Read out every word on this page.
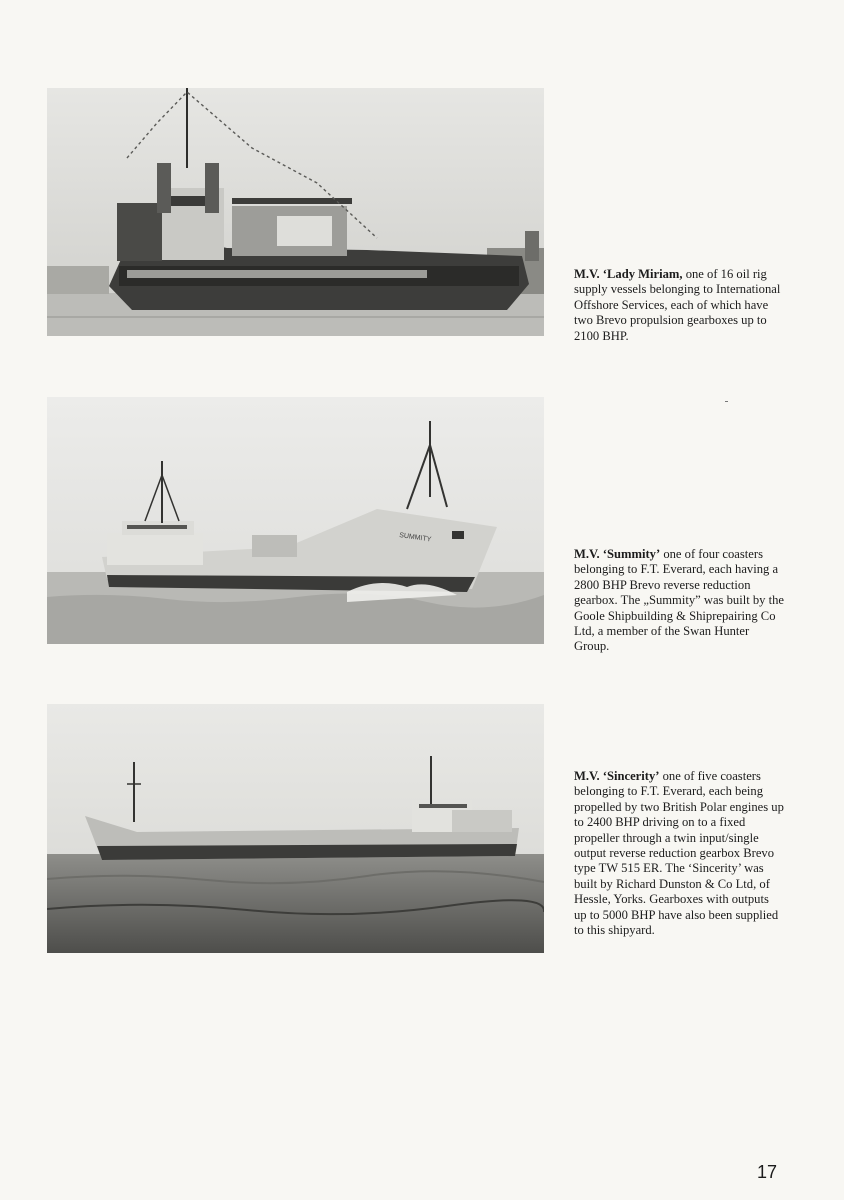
M.V. ‘Lady Miriam, one of 16 oil rig supply vessels belonging to International Offshore Services, each of which have two Brevo propulsion gearboxes up to 2100 BHP.
SUMMITY
M.V. ‘Summity’ one of four coasters belonging to F.T. Everard, each having a 2800 BHP Brevo reverse reduction gearbox. The „Summity” was built by the Goole Shipbuilding & Shiprepairing Co Ltd, a member of the Swan Hunter Group.
M.V. ‘Sincerity’ one of five coasters belonging to F.T. Everard, each being propelled by two British Polar engines up to 2400 BHP driving on to a fixed propeller through a twin input/single output reverse reduction gearbox Brevo type TW 515 ER. The ‘Sincerity’ was built by Richard Dunston & Co Ltd, of Hessle, Yorks. Gearboxes with outputs up to 5000 BHP have also been supplied to this shipyard.
17
